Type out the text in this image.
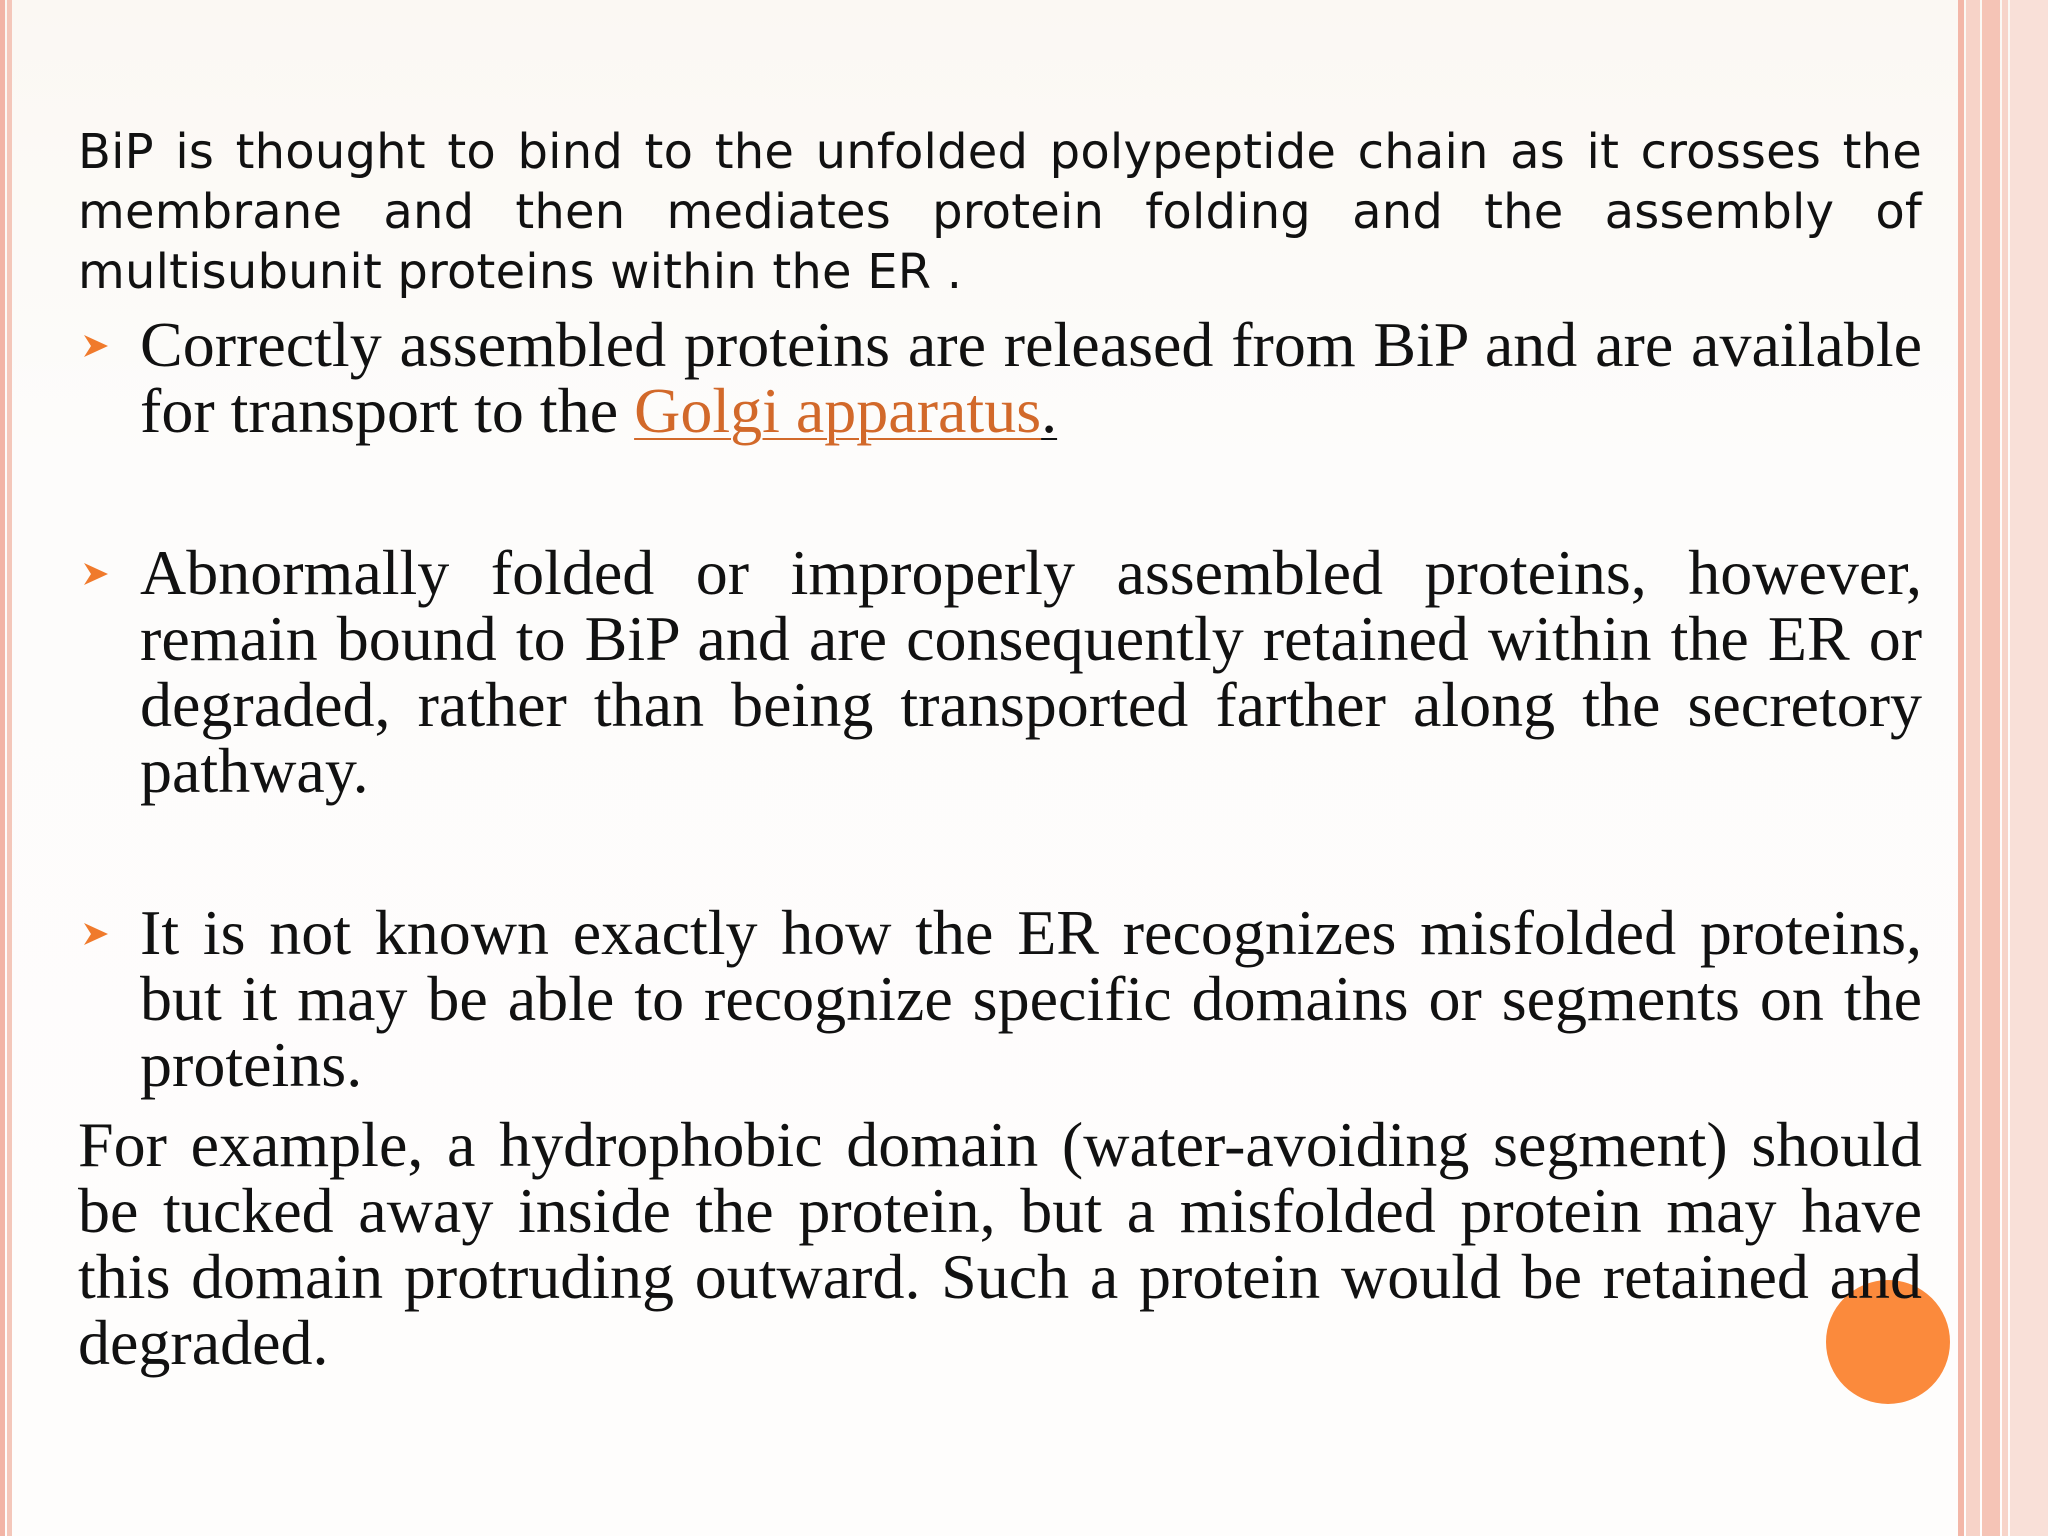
BiP is thought to bind to the unfolded polypeptide chain as it crosses the membrane and then mediates protein folding and the assembly of multisubunit proteins within the ER .

Correctly assembled proteins are released from BiP and are available for transport to the Golgi apparatus.
Abnormally folded or improperly assembled proteins, however, remain bound to BiP and are consequently retained within the ER or degraded, rather than being transported farther along the secretory pathway.
It is not known exactly how the ER recognizes misfolded proteins, but it may be able to recognize specific domains or segments on the proteins.

For example, a hydrophobic domain (water-avoiding segment) should be tucked away inside the protein, but a misfolded protein may have this domain protruding outward. Such a protein would be retained and degraded.
